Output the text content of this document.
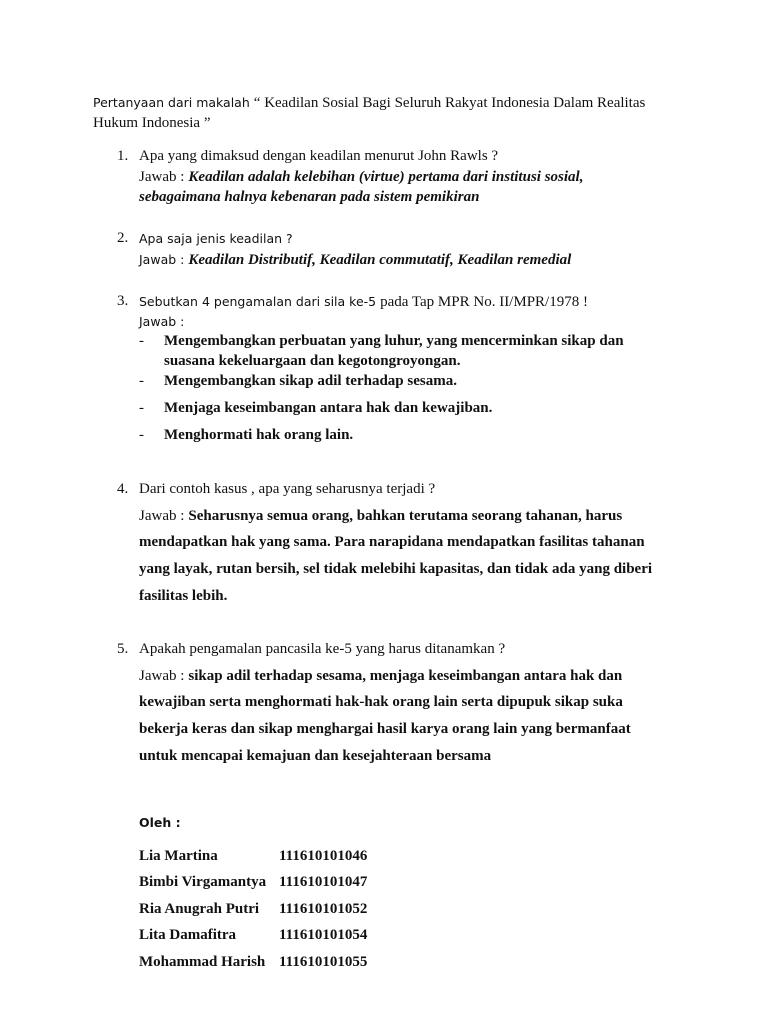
Pertanyaan dari makalah “ Keadilan Sosial Bagi Seluruh Rakyat Indonesia Dalam Realitas
Hukum Indonesia ”
1. Apa yang dimaksud dengan keadilan menurut John Rawls ?
Jawab : Keadilan adalah kelebihan (virtue) pertama dari institusi sosial,
sebagaimana halnya kebenaran pada sistem pemikiran
2. Apa saja jenis keadilan ?
Jawab : Keadilan Distributif, Keadilan commutatif, Keadilan remedial
3. Sebutkan 4 pengamalan dari sila ke-5 pada Tap MPR No. II/MPR/1978 !
Jawab :
- Mengembangkan perbuatan yang luhur, yang mencerminkan sikap dan
suasana kekeluargaan dan kegotongroyongan.
- Mengembangkan sikap adil terhadap sesama.
- Menjaga keseimbangan antara hak dan kewajiban.
- Menghormati hak orang lain.
4. Dari contoh kasus , apa yang seharusnya terjadi ?
Jawab : Seharusnya semua orang, bahkan terutama seorang tahanan, harus
mendapatkan hak yang sama. Para narapidana mendapatkan fasilitas tahanan
yang layak, rutan bersih, sel tidak melebihi kapasitas, dan tidak ada yang diberi
fasilitas lebih.
5. Apakah pengamalan pancasila ke-5 yang harus ditanamkan ?
Jawab : sikap adil terhadap sesama, menjaga keseimbangan antara hak dan
kewajiban serta menghormati hak-hak orang lain serta dipupuk sikap suka
bekerja keras dan sikap menghargai hasil karya orang lain yang bermanfaat
untuk mencapai kemajuan dan kesejahteraan bersama
Oleh :
Lia Martina	111610101046
Bimbi Virgamantya 111610101047
Ria Anugrah Putri 111610101052
Lita Damafitra	111610101054
Mohammad Harish 111610101055
